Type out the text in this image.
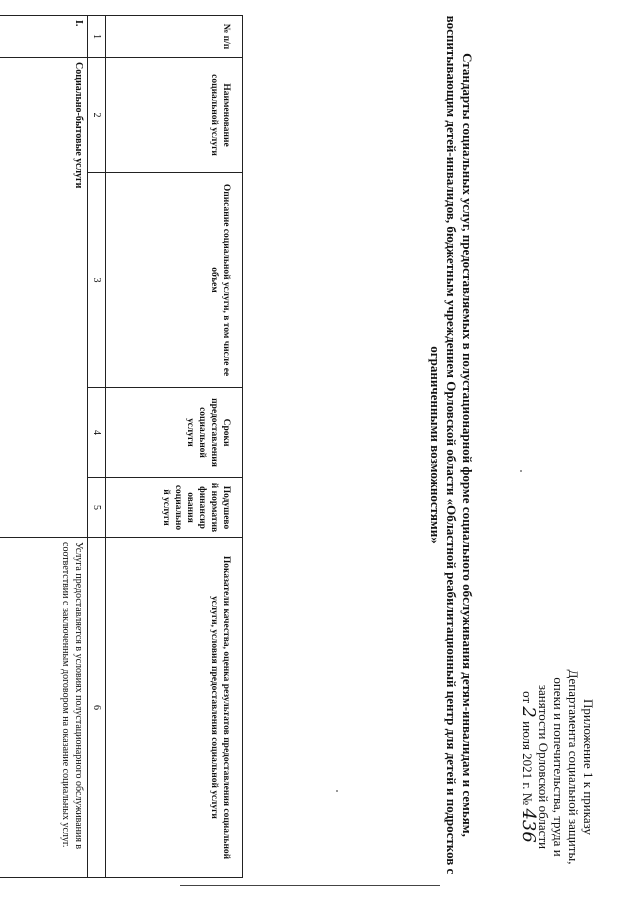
Приложение 1 к приказу
Департамента социальной защиты,
опеки и попечительства, труда и
занятости Орловской области
от 2 июля 2021 г. № 436
Стандарты социальных услуг, предоставляемых в полустационарной форме социального обслуживания детям-инвалидам и семьям, воспитывающим детей-инвалидов, бюджетным учреждением Орловской области «Областной реабилитационный центр для детей и подростков с ограниченными возможностями»
№ п/п	Наименование социальной услуги	Описание социальной услуги, в том числе ее объем	Сроки предоставления социальной услуги	Подушево й норматив финансир ования социально й услуги	Показатели качества, оценка результатов предоставления социальной услуги, условия предоставления социальной услуги
1	2	3	4	5	6
I.	Социально-бытовые услуги				Услуга предоставляется в условиях полустационарного обслуживания в соответствии с заключенным договором на оказание социальных услуг.
